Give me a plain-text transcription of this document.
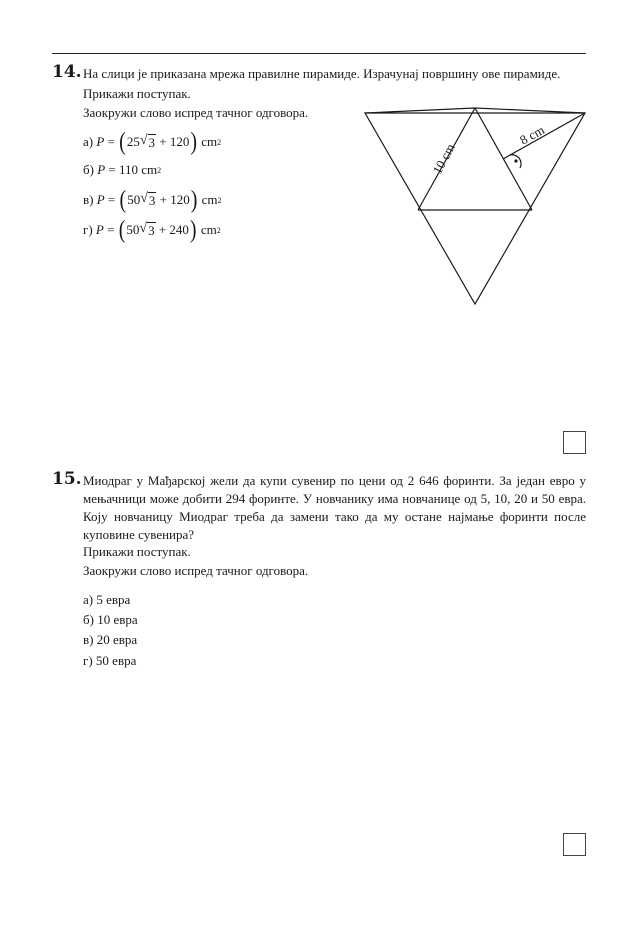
14. На слици је приказана мрежа правилне пирамиде. Израчунај површину ове пирамиде.
Прикажи поступак.
Заокружи слово испред тачног одговора.
а)
P = ( 25 √ 3 + 120 ) cm 2
б)
P = 110 cm 2
в)
P = ( 50 √ 3 + 120 ) cm 2
г)
P = ( 50 √ 3 + 240 ) cm 2
10 cm
8 cm
15. Миодраг у Мађарској жели да купи сувенир по цени од 2 646 форинти. За један евро у мењачници може добити 294 форинте. У новчанику има новчанице од 5, 10, 20 и 50 евра. Коју новчаницу Миодраг треба да замени тако да му остане најмање форинти после куповине сувенира?
Прикажи поступак.
Заокружи слово испред тачног одговора.
а)
5 евра
б)
10 евра
в)
20 евра
г)
50 евра
